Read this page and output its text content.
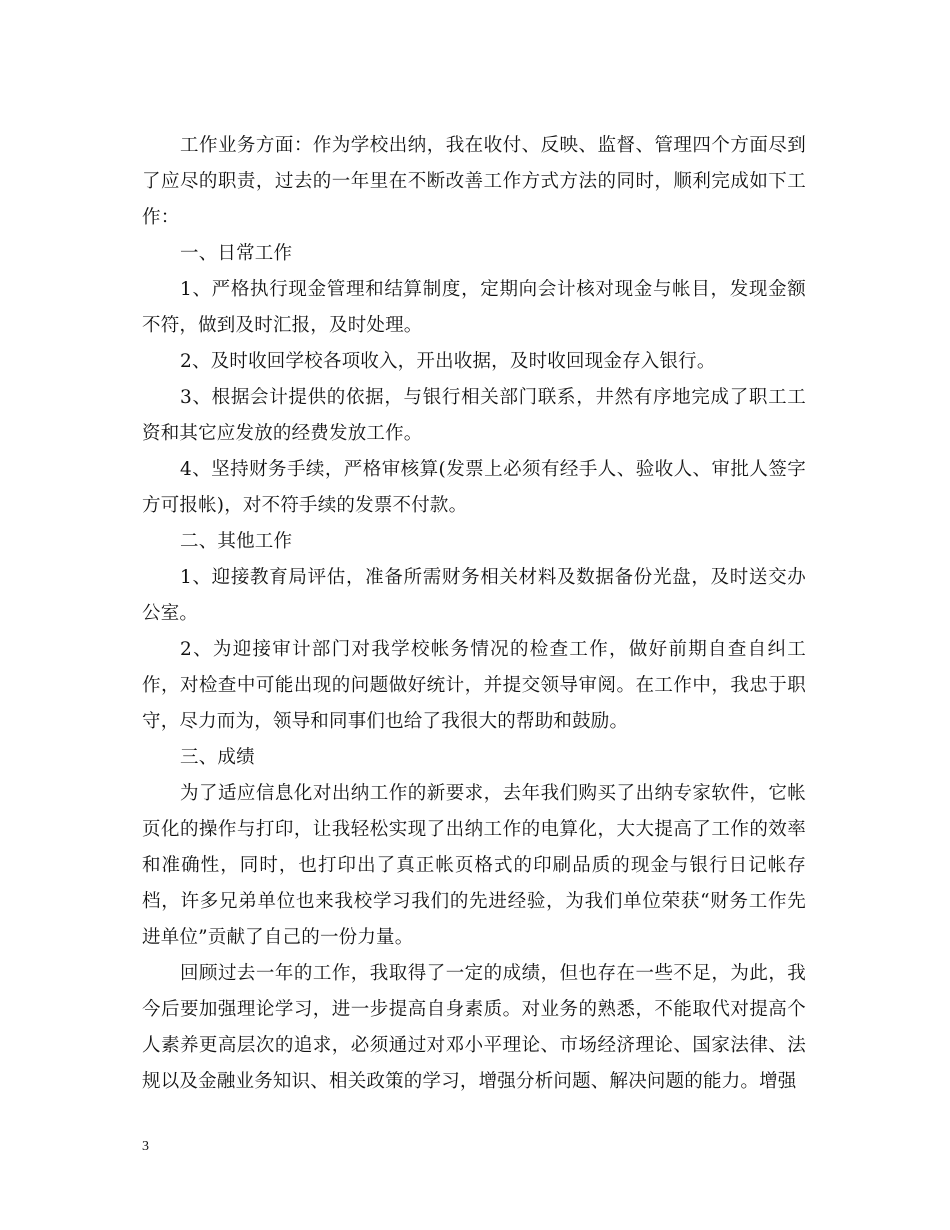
工作业务方面：作为学校出纳，我在收付、反映、监督、管理四个方面尽到了应尽的职责，过去的一年里在不断改善工作方式方法的同时，顺利完成如下工作：

一、日常工作

1、严格执行现金管理和结算制度，定期向会计核对现金与帐目，发现金额不符，做到及时汇报，及时处理。

2、及时收回学校各项收入，开出收据，及时收回现金存入银行。

3、根据会计提供的依据，与银行相关部门联系，井然有序地完成了职工工资和其它应发放的经费发放工作。

4、坚持财务手续，严格审核算(发票上必须有经手人、验收人、审批人签字方可报帐)，对不符手续的发票不付款。

二、其他工作

1、迎接教育局评估，准备所需财务相关材料及数据备份光盘，及时送交办公室。

2、为迎接审计部门对我学校帐务情况的检查工作，做好前期自查自纠工作，对检查中可能出现的问题做好统计，并提交领导审阅。在工作中，我忠于职守，尽力而为，领导和同事们也给了我很大的帮助和鼓励。

三、成绩

为了适应信息化对出纳工作的新要求，去年我们购买了出纳专家软件，它帐页化的操作与打印，让我轻松实现了出纳工作的电算化，大大提高了工作的效率和准确性，同时，也打印出了真正帐页格式的印刷品质的现金与银行日记帐存档，许多兄弟单位也来我校学习我们的先进经验，为我们单位荣获“财务工作先进单位”贡献了自己的一份力量。

回顾过去一年的工作，我取得了一定的成绩，但也存在一些不足，为此，我今后要加强理论学习，进一步提高自身素质。对业务的熟悉，不能取代对提高个人素养更高层次的追求，必须通过对邓小平理论、市场经济理论、国家法律、法规以及金融业务知识、相关政策的学习，增强分析问题、解决问题的能力。增强

3
